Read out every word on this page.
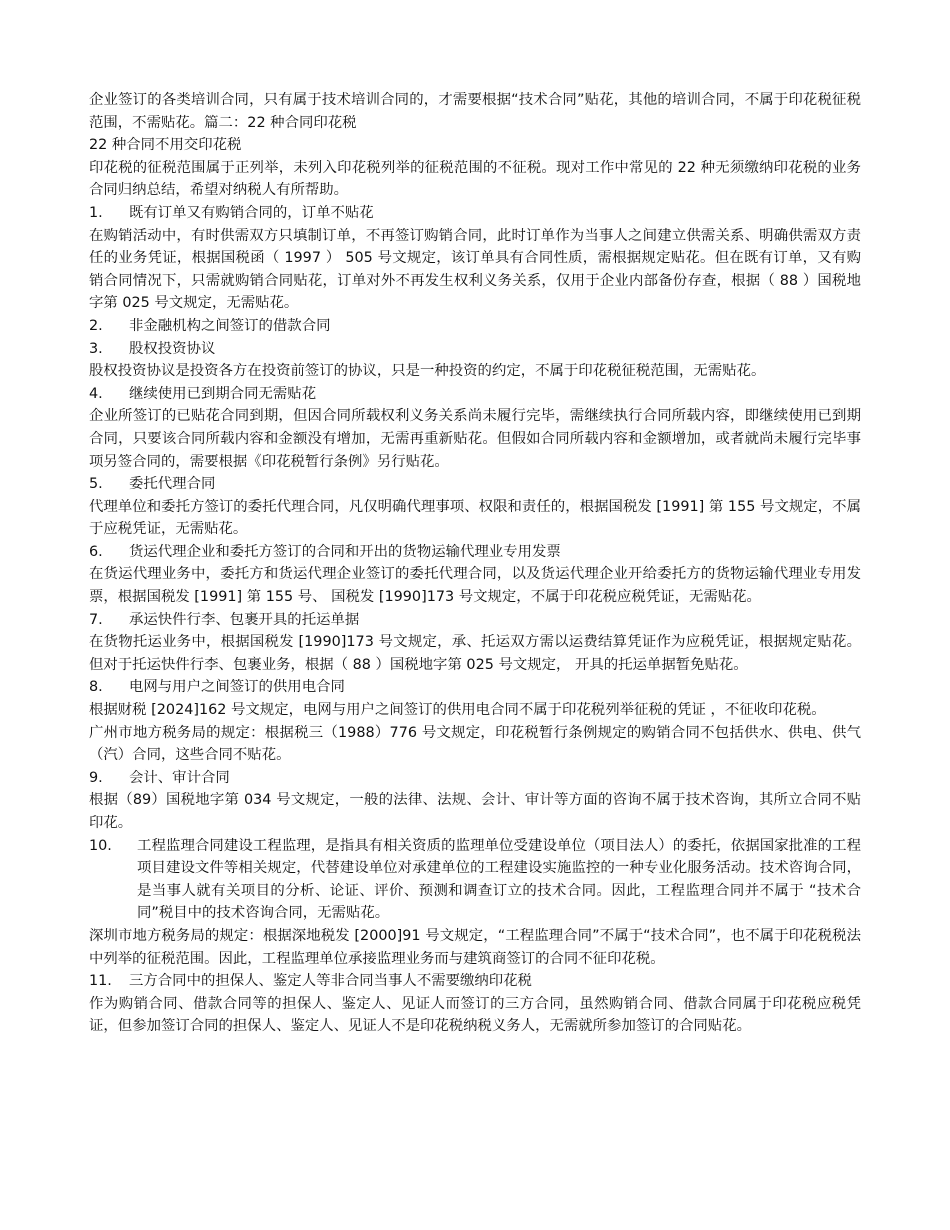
企业签订的各类培训合同，只有属于技术培训合同的，才需要根据“技术合同”贴花，其他的培训合同，不属于印花税征税范围，不需贴花。篇二：22 种合同印花税

22 种合同不用交印花税

印花税的征税范围属于正列举，未列入印花税列举的征税范围的不征税。现对工作中常见的 22 种无须缴纳印花税的业务合同归纳总结，希望对纳税人有所帮助。

1. 既有订单又有购销合同的，订单不贴花

在购销活动中，有时供需双方只填制订单，不再签订购销合同，此时订单作为当事人之间建立供需关系、明确供需双方责任的业务凭证，根据国税函（ 1997 ） 505 号文规定，该订单具有合同性质，需根据规定贴花。但在既有订单，又有购销合同情况下，只需就购销合同贴花，订单对外不再发生权利义务关系，仅用于企业内部备份存查，根据（ 88 ）国税地字第 025 号文规定，无需贴花。

2. 非金融机构之间签订的借款合同

3. 股权投资协议

股权投资协议是投资各方在投资前签订的协议，只是一种投资的约定，不属于印花税征税范围，无需贴花。

4. 继续使用已到期合同无需贴花

企业所签订的已贴花合同到期，但因合同所载权利义务关系尚未履行完毕，需继续执行合同所载内容，即继续使用已到期合同，只要该合同所载内容和金额没有增加，无需再重新贴花。但假如合同所载内容和金额增加，或者就尚未履行完毕事项另签合同的，需要根据《印花税暂行条例》另行贴花。

5. 委托代理合同

代理单位和委托方签订的委托代理合同，凡仅明确代理事项、权限和责任的，根据国税发 [1991] 第 155 号文规定，不属于应税凭证，无需贴花。

6. 货运代理企业和委托方签订的合同和开出的货物运输代理业专用发票

在货运代理业务中，委托方和货运代理企业签订的委托代理合同，以及货运代理企业开给委托方的货物运输代理业专用发票，根据国税发 [1991] 第 155 号、 国税发 [1990]173 号文规定，不属于印花税应税凭证，无需贴花。

7. 承运快件行李、包裹开具的托运单据

在货物托运业务中，根据国税发 [1990]173 号文规定，承、托运双方需以运费结算凭证作为应税凭证，根据规定贴花。但对于托运快件行李、包裹业务，根据（ 88 ）国税地字第 025 号文规定， 开具的托运单据暂免贴花。

8. 电网与用户之间签订的供用电合同

根据财税 [2024]162 号文规定，电网与用户之间签订的供用电合同不属于印花税列举征税的凭证 ，不征收印花税。

广州市地方税务局的规定：根据税三（1988）776 号文规定，印花税暂行条例规定的购销合同不包括供水、供电、供气（汽）合同，这些合同不贴花。

9. 会计、审计合同

根据（89）国税地字第 034 号文规定，一般的法律、法规、会计、审计等方面的咨询不属于技术咨询，其所立合同不贴印花。

10.	工程监理合同建设工程监理，是指具有相关资质的监理单位受建设单位（项目法人）的委托，依据国家批准的工程项目建设文件等相关规定，代替建设单位对承建单位的工程建设实施监控的一种专业化服务活动。技术咨询合同，是当事人就有关项目的分析、论证、评价、预测和调查订立的技术合同。因此，工程监理合同并不属于 “技术合同”税目中的技术咨询合同，无需贴花。

深圳市地方税务局的规定：根据深地税发 [2000]91 号文规定，“工程监理合同”不属于“技术合同”，也不属于印花税税法中列举的征税范围。因此，工程监理单位承接监理业务而与建筑商签订的合同不征印花税。

11. 三方合同中的担保人、鉴定人等非合同当事人不需要缴纳印花税

作为购销合同、借款合同等的担保人、鉴定人、见证人而签订的三方合同，虽然购销合同、借款合同属于印花税应税凭证，但参加签订合同的担保人、鉴定人、见证人不是印花税纳税义务人，无需就所参加签订的合同贴花。
